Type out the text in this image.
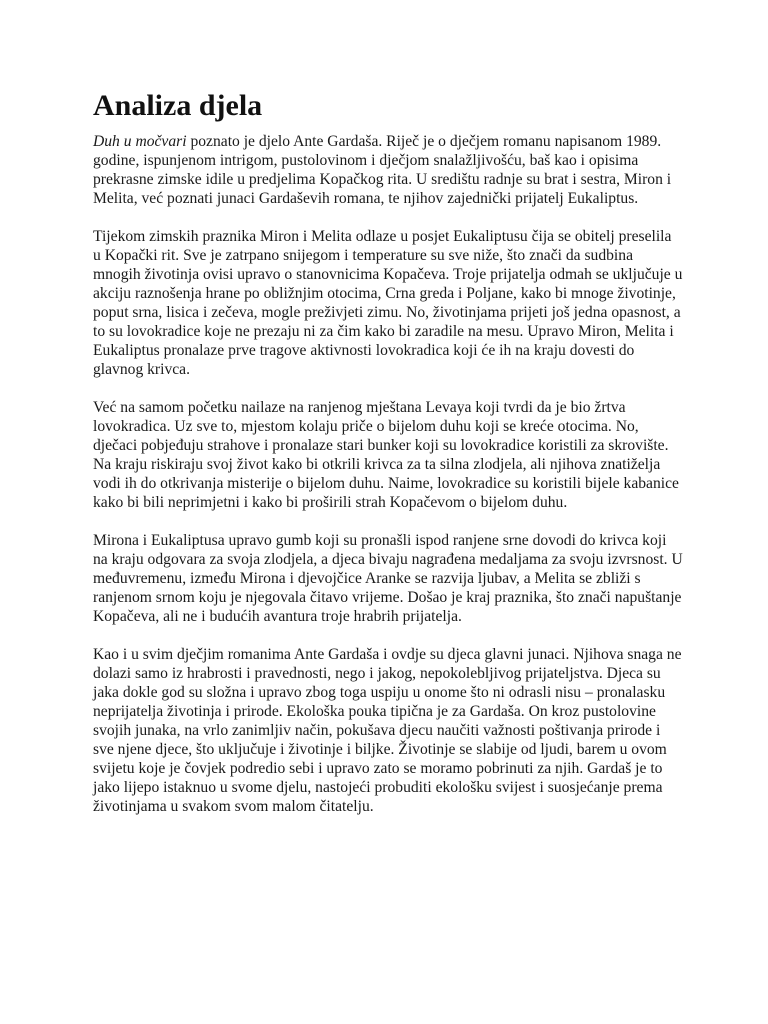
Analiza djela

Duh u močvari poznato je djelo Ante Gardaša. Riječ je o dječjem romanu napisanom 1989. godine, ispunjenom intrigom, pustolovinom i dječjom snalažljivošću, baš kao i opisima prekrasne zimske idile u predjelima Kopačkog rita. U središtu radnje su brat i sestra, Miron i Melita, već poznati junaci Gardaševih romana, te njihov zajednički prijatelj Eukaliptus.

Tijekom zimskih praznika Miron i Melita odlaze u posjet Eukaliptusu čija se obitelj preselila u Kopački rit. Sve je zatrpano snijegom i temperature su sve niže, što znači da sudbina mnogih životinja ovisi upravo o stanovnicima Kopačeva. Troje prijatelja odmah se uključuje u akciju raznošenja hrane po obližnjim otocima, Crna greda i Poljane, kako bi mnoge životinje, poput srna, lisica i zečeva, mogle preživjeti zimu. No, životinjama prijeti još jedna opasnost, a to su lovokradice koje ne prezaju ni za čim kako bi zaradile na mesu. Upravo Miron, Melita i Eukaliptus pronalaze prve tragove aktivnosti lovokradica koji će ih na kraju dovesti do glavnog krivca.

Već na samom početku nailaze na ranjenog mještana Levaya koji tvrdi da je bio žrtva lovokradica. Uz sve to, mjestom kolaju priče o bijelom duhu koji se kreće otocima. No, dječaci pobjeđuju strahove i pronalaze stari bunker koji su lovokradice koristili za skrovište. Na kraju riskiraju svoj život kako bi otkrili krivca za ta silna zlodjela, ali njihova znatiželja vodi ih do otkrivanja misterije o bijelom duhu. Naime, lovokradice su koristili bijele kabanice kako bi bili neprimjetni i kako bi proširili strah Kopačevom o bijelom duhu.

Mirona i Eukaliptusa upravo gumb koji su pronašli ispod ranjene srne dovodi do krivca koji na kraju odgovara za svoja zlodjela, a djeca bivaju nagrađena medaljama za svoju izvrsnost. U međuvremenu, između Mirona i djevojčice Aranke se razvija ljubav, a Melita se zbliži s ranjenom srnom koju je njegovala čitavo vrijeme. Došao je kraj praznika, što znači napuštanje Kopačeva, ali ne i budućih avantura troje hrabrih prijatelja.

Kao i u svim dječjim romanima Ante Gardaša i ovdje su djeca glavni junaci. Njihova snaga ne dolazi samo iz hrabrosti i pravednosti, nego i jakog, nepokolebljivog prijateljstva. Djeca su jaka dokle god su složna i upravo zbog toga uspiju u onome što ni odrasli nisu – pronalasku neprijatelja životinja i prirode. Ekološka pouka tipična je za Gardaša. On kroz pustolovine svojih junaka, na vrlo zanimljiv način, pokušava djecu naučiti važnosti poštivanja prirode i sve njene djece, što uključuje i životinje i biljke. Životinje se slabije od ljudi, barem u ovom svijetu koje je čovjek podredio sebi i upravo zato se moramo pobrinuti za njih. Gardaš je to jako lijepo istaknuo u svome djelu, nastojeći probuditi ekološku svijest i suosjećanje prema životinjama u svakom svom malom čitatelju.
